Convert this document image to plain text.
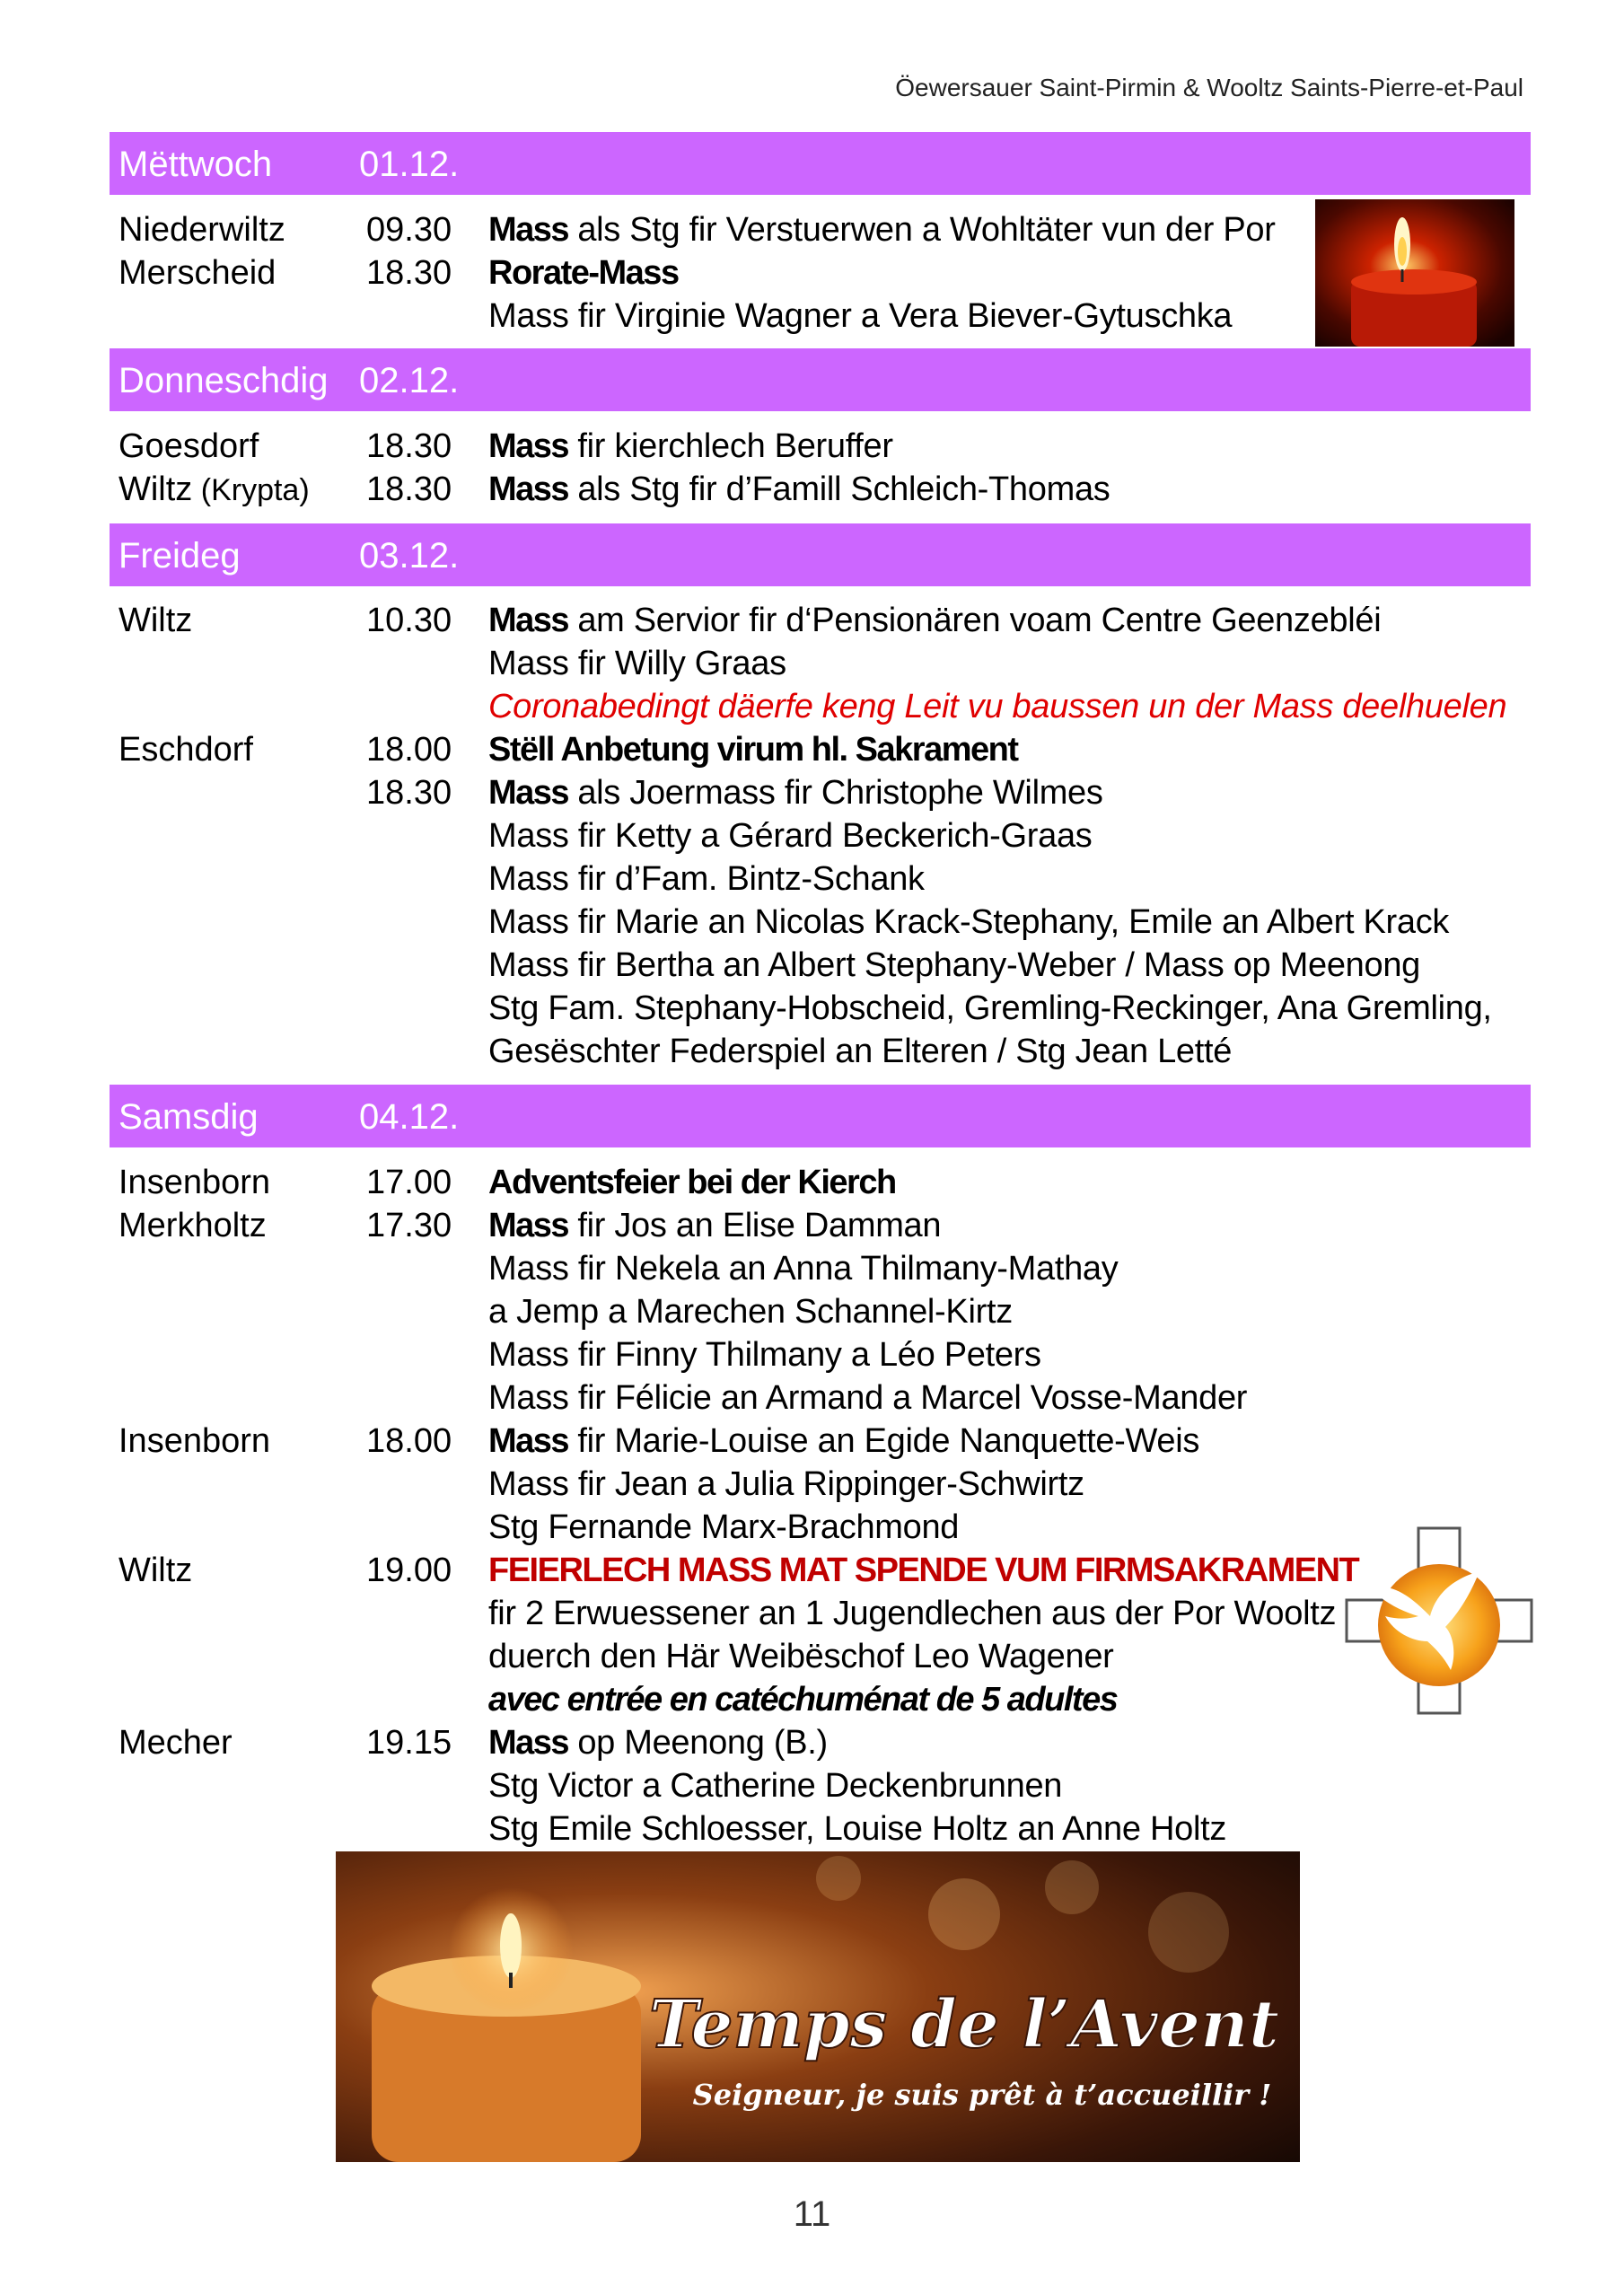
Öewersauer Saint-Pirmin & Wooltz Saints-Pierre-et-Paul
Mëttwoch 01.12.
Niederwiltz 09.30 Mass als Stg fir Verstuerwen a Wohltäter vun der Por
Merscheid	18.30 Rorate-Mass
Mass fir Virginie Wagner a Vera Biever-Gytuschka
Donneschdig 02.12.
Goesdorf	18.30 Mass fir kierchlech Beruffer
Wiltz (Krypta) 18.30 Mass als Stg fir d’Famill Schleich-Thomas
Freideg	03.12.
Wiltz	10.30 Mass am Servior fir d‘Pensionären voam Centre Geenzebléi
Mass fir Willy Graas
Coronabedingt däerfe keng Leit vu baussen un der Mass deelhuelen
Eschdorf	18.00 Stëll Anbetung virum hl. Sakrament
18.30 Mass als Joermass fir Christophe Wilmes
Mass fir Ketty a Gérard Beckerich-Graas
Mass fir d’Fam. Bintz-Schank
Mass fir Marie an Nicolas Krack-Stephany, Emile an Albert Krack
Mass fir Bertha an Albert Stephany-Weber / Mass op Meenong
Stg Fam. Stephany-Hobscheid, Gremling-Reckinger, Ana Gremling,
Gesëschter Federspiel an Elteren / Stg Jean Letté
Samsdig	04.12.
Insenborn	17.00 Adventsfeier bei der Kierch
Merkholtz	17.30 Mass fir Jos an Elise Damman
Mass fir Nekela an Anna Thilmany-Mathay
a Jemp a Marechen Schannel-Kirtz
Mass fir Finny Thilmany a Léo Peters
Mass fir Félicie an Armand a Marcel Vosse-Mander
Insenborn	18.00 Mass fir Marie-Louise an Egide Nanquette-Weis
Mass fir Jean a Julia Rippinger-Schwirtz
Stg Fernande Marx-Brachmond
Wiltz	19.00 FEIERLECH MASS MAT SPENDE VUM FIRMSAKRAMENT
fir 2 Erwuessener an 1 Jugendlechen aus der Por Wooltz
duerch den Här Weibëschof Leo Wagener
avec entrée en catéchuménat de 5 adultes
Mecher	19.15 Mass op Meenong (B.)
Stg Victor a Catherine Deckenbrunnen
Stg Emile Schloesser, Louise Holtz an Anne Holtz
Temps de l’Avent
Seigneur, je suis prêt à t’accueillir !
11
